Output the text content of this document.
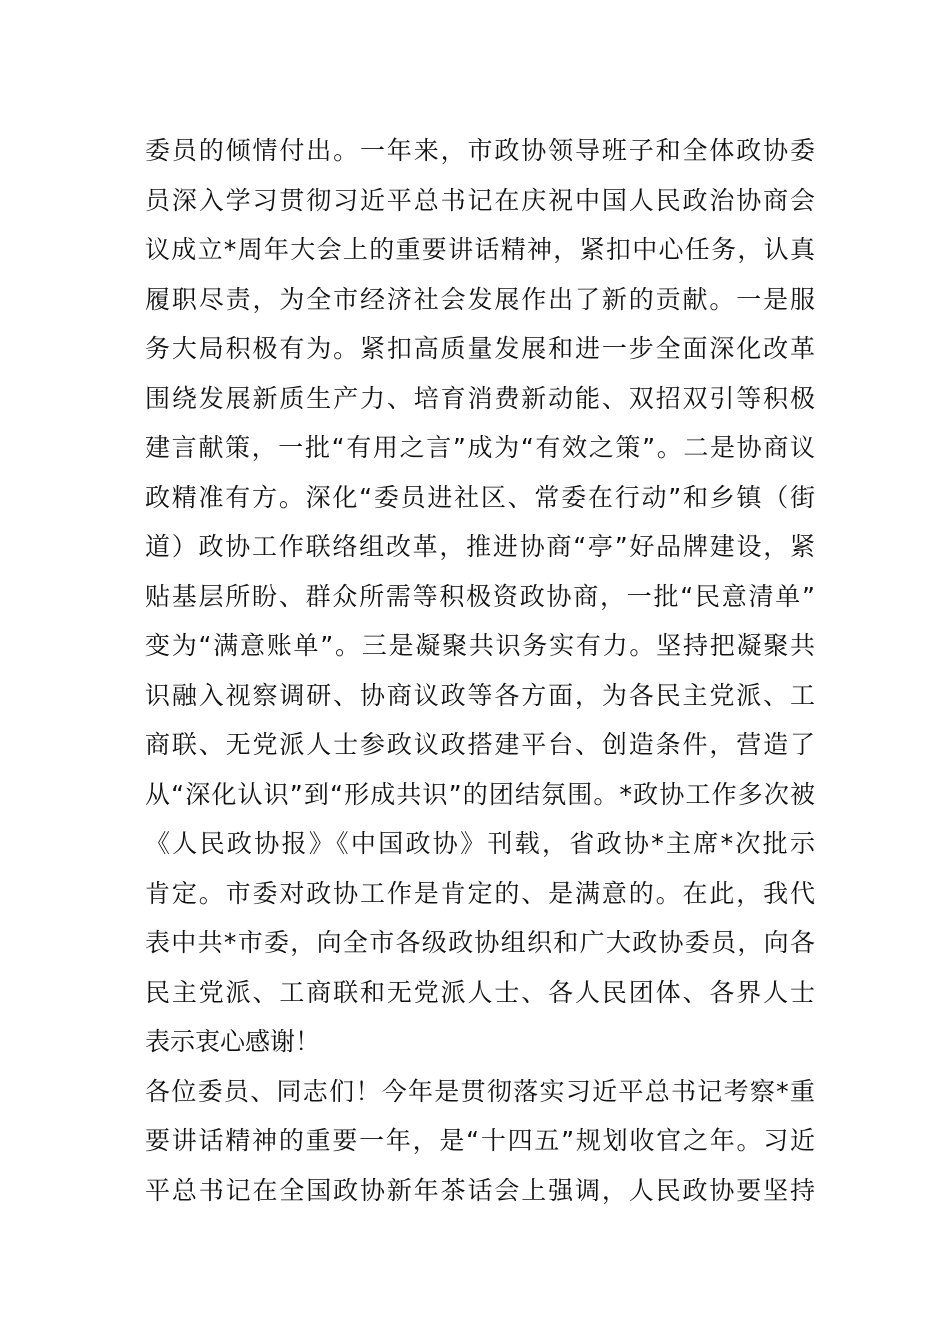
委员的倾情付出。一年来，市政协领导班子和全体政协委
员深入学习贯彻习近平总书记在庆祝中国人民政治协商会
议成立*周年大会上的重要讲话精神，紧扣中心任务，认真
履职尽责，为全市经济社会发展作出了新的贡献。一是服
务大局积极有为。紧扣高质量发展和进一步全面深化改革
围绕发展新质生产力、培育消费新动能、双招双引等积极
建言献策，一批“有用之言”成为“有效之策”。二是协商议
政精准有方。深化“委员进社区、常委在行动”和乡镇（街
道）政协工作联络组改革，推进协商“亭”好品牌建设，紧
贴基层所盼、群众所需等积极资政协商，一批“民意清单”
变为“满意账单”。三是凝聚共识务实有力。坚持把凝聚共
识融入视察调研、协商议政等各方面，为各民主党派、工
商联、无党派人士参政议政搭建平台、创造条件，营造了
从“深化认识”到“形成共识”的团结氛围。*政协工作多次被
《人民政协报》《中国政协》刊载，省政协*主席*次批示
肯定。市委对政协工作是肯定的、是满意的。在此，我代
表中共*市委，向全市各级政协组织和广大政协委员，向各
民主党派、工商联和无党派人士、各人民团体、各界人士
表示衷心感谢！
各位委员、同志们！今年是贯彻落实习近平总书记考察*重
要讲话精神的重要一年，是“十四五”规划收官之年。习近
平总书记在全国政协新年茶话会上强调，人民政协要坚持
